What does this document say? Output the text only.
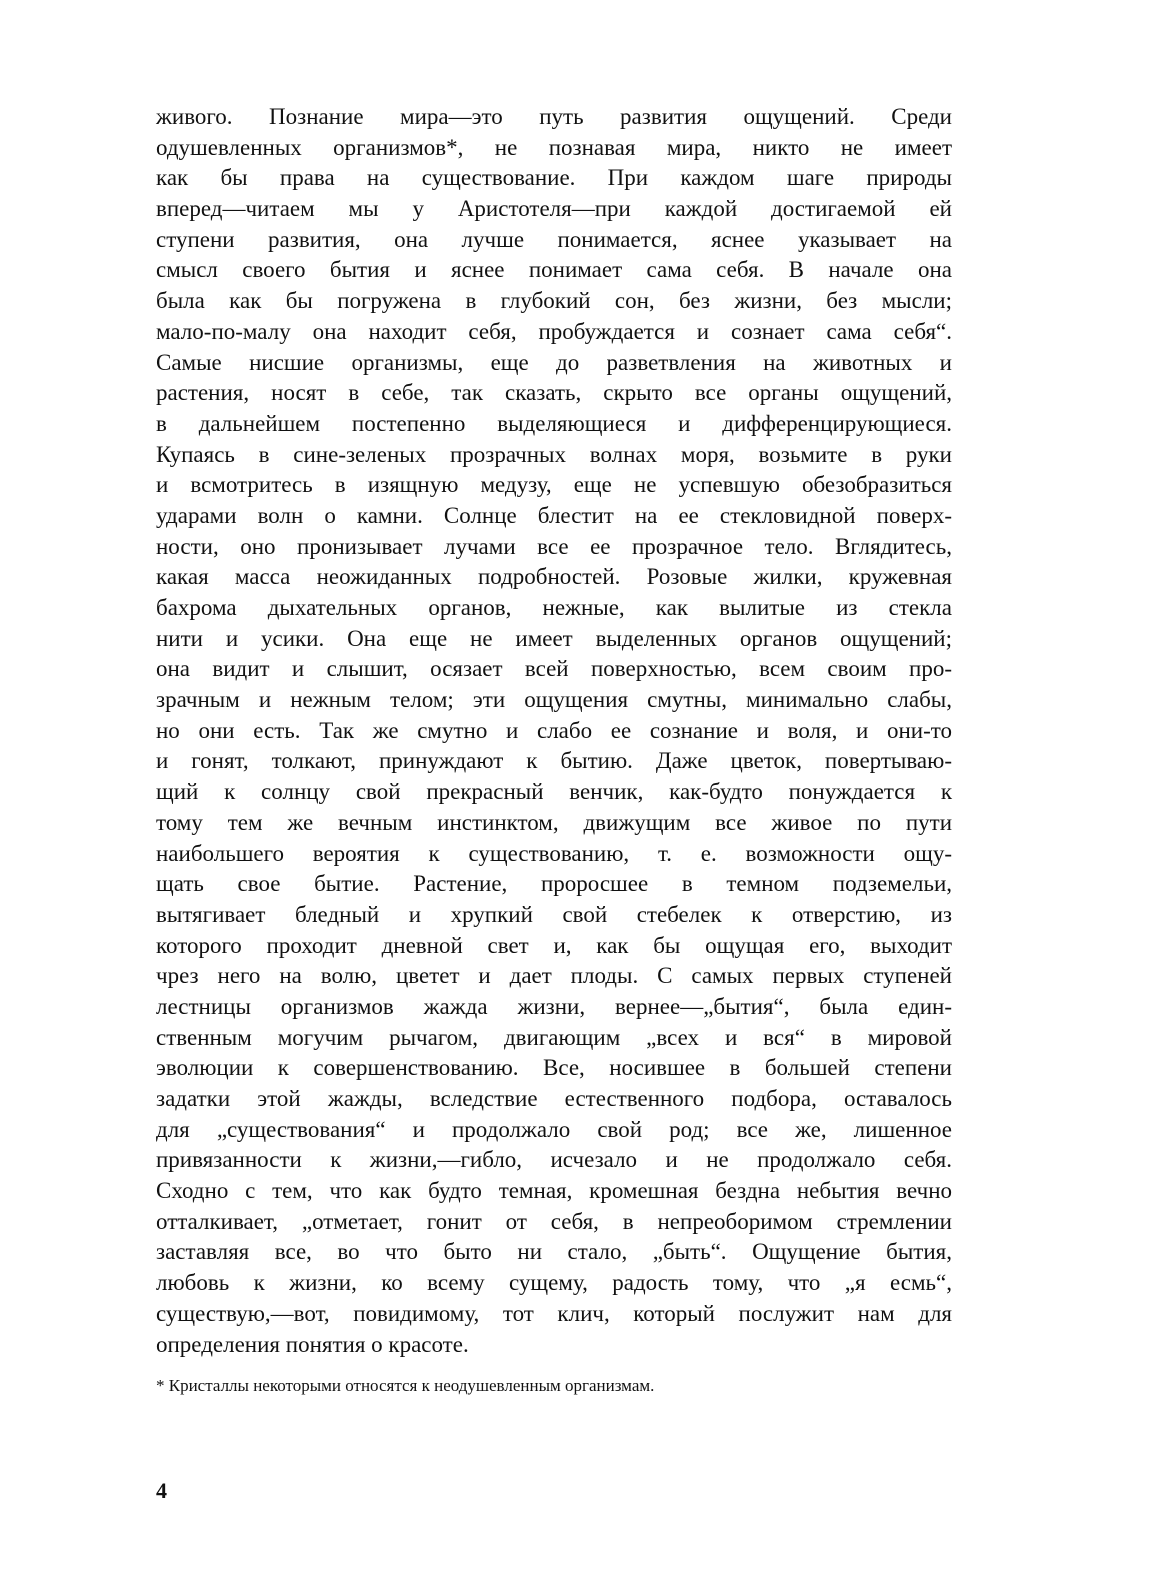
живого. Познание мира—это путь развития ощущений. Среди
одушевленных организмов*, не познавая мира, никто не имеет
как бы права на существование. При каждом шаге природы
вперед—читаем мы у Аристотеля—при каждой достигаемой ей
ступени развития, она лучше понимается, яснее указывает на
смысл своего бытия и яснее понимает сама себя. В начале она
была как бы погружена в глубокий сон, без жизни, без мысли;
мало-по-малу она находит себя, пробуждается и сознает сама себя“.
Самые нисшие организмы, еще до разветвления на животных и
растения, носят в себе, так сказать, скрыто все органы ощущений,
в дальнейшем постепенно выделяющиеся и дифференцирующиеся.
Купаясь в сине-зеленых прозрачных волнах моря, возьмите в руки
и всмотритесь в изящную медузу, еще не успевшую обезобразиться
ударами волн о камни. Солнце блестит на ее стекловидной поверх-
ности, оно пронизывает лучами все ее прозрачное тело. Вглядитесь,
какая масса неожиданных подробностей. Розовые жилки, кружевная
бахрома дыхательных органов, нежные, как вылитые из стекла
нити и усики. Она еще не имеет выделенных органов ощущений;
она видит и слышит, осязает всей поверхностью, всем своим про-
зрачным и нежным телом; эти ощущения смутны, минимально слабы,
но они есть. Так же смутно и слабо ее сознание и воля, и они-то
и гонят, толкают, принуждают к бытию. Даже цветок, повертываю-
щий к солнцу свой прекрасный венчик, как-будто понуждается к
тому тем же вечным инстинктом, движущим все живое по пути
наибольшего вероятия к существованию, т. е. возможности ощу-
щать свое бытие. Растение, проросшее в темном подземельи,
вытягивает бледный и хрупкий свой стебелек к отверстию, из
которого проходит дневной свет и, как бы ощущая его, выходит
чрез него на волю, цветет и дает плоды. С самых первых ступеней
лестницы организмов жажда жизни, вернее—„бытия“, была един-
ственным могучим рычагом, двигающим „всех и вся“ в мировой
эволюции к совершенствованию. Все, носившее в большей степени
задатки этой жажды, вследствие естественного подбора, оставалось
для „существования“ и продолжало свой род; все же, лишенное
привязанности к жизни,—гибло, исчезало и не продолжало себя.
Сходно с тем, что как будто темная, кромешная бездна небытия вечно
отталкивает, „отметает, гонит от себя, в непреоборимом стремлении
заставляя все, во что быто ни стало, „быть“. Ощущение бытия,
любовь к жизни, ко всему сущему, радость тому, что „я есмь“,
существую,—вот, повидимому, тот клич, который послужит нам для
определения понятия о красоте.
* Кристаллы некоторыми относятся к неодушевленным организмам.
4
